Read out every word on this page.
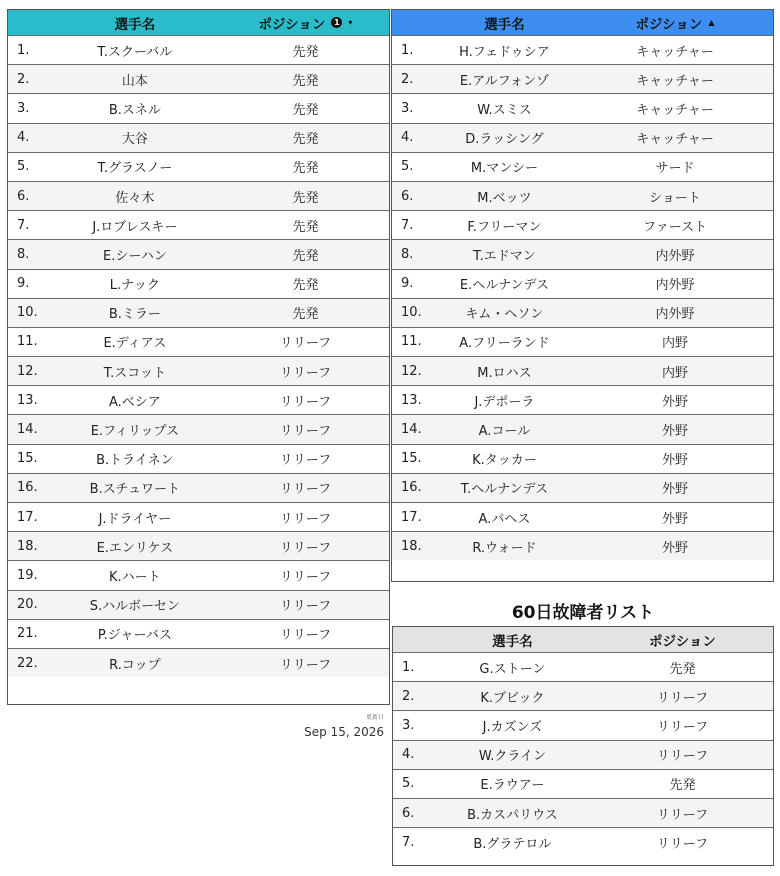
選手名	ポジション	1	▾
1.	T.スクーバル	先発
2.	山本	先発
3.	B.スネル	先発
4.	大谷	先発
5.	T.グラスノー	先発
6.	佐々木	先発
7.	J.ロブレスキー	先発
8.	E.シーハン	先発
9.	L.ナック	先発
10.	B.ミラー	先発
11.	E.ディアス	リリーフ
12.	T.スコット	リリーフ
13.	A.ベシア	リリーフ
14.	E.フィリップス	リリーフ
15.	B.トライネン	リリーフ
16.	B.スチュワート	リリーフ
17.	J.ドライヤー	リリーフ
18.	E.エンリケス	リリーフ
19.	K.ハート	リリーフ
20.	S.ハルボーセン	リリーフ
21.	P.ジャーバス	リリーフ
22.	R.コップ	リリーフ
更新日
Sep 15, 2026
選手名	ポジション ▲
1.	H.フェドゥシア	キャッチャー
2.	E.アルフォンゾ	キャッチャー
3.	W.スミス	キャッチャー
4.	D.ラッシング	キャッチャー
5.	M.マンシー	サード
6.	M.ベッツ	ショート
7.	F.フリーマン	ファースト
8.	T.エドマン	内外野
9.	E.ヘルナンデス	内外野
10.	キム・ヘソン	内外野
11.	A.フリーランド	内野
12.	M.ロハス	内野
13.	J.デポーラ	外野
14.	A.コール	外野
15.	K.タッカー	外野
16.	T.ヘルナンデス	外野
17.	A.パヘス	外野
18.	R.ウォード	外野
60日故障者リスト
選手名	ポジション
1.	G.ストーン	先発
2.	K.ブビック	リリーフ
3.	J.カズンズ	リリーフ
4.	W.クライン	リリーフ
5.	E.ラウアー	先発
6.	B.カスパリウス	リリーフ
7.	B.グラテロル	リリーフ
